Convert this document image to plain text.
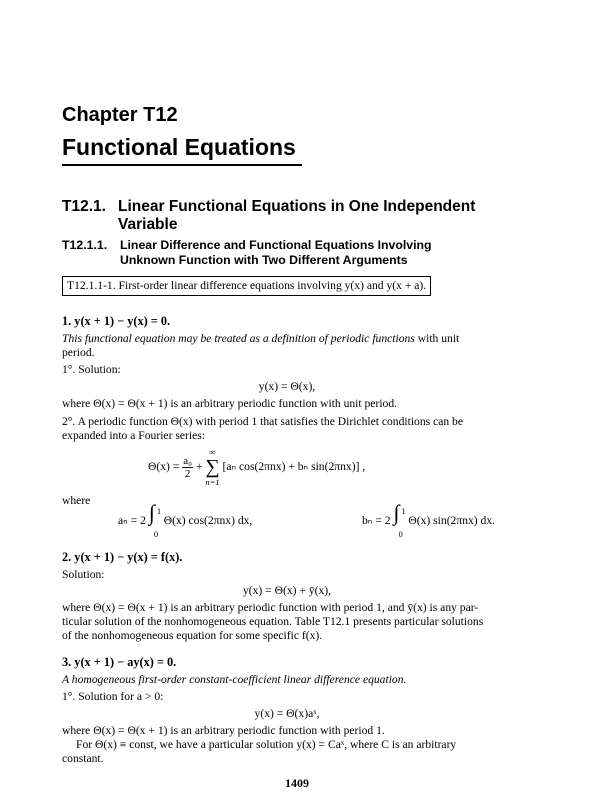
Chapter T12
Functional Equations
T12.1. Linear Functional Equations in One Independent
Variable
T12.1.1. Linear Difference and Functional Equations Involving
Unknown Function with Two Different Arguments
T12.1.1-1. First-order linear difference equations involving y(x) and y(x + a).
1. y(x + 1) − y(x) = 0.
This functional equation may be treated as a definition of periodic functions with unit
period.
1°. Solution:
y(x) = Θ(x),
where Θ(x) = Θ(x + 1) is an arbitrary periodic function with unit period.
2°. A periodic function Θ(x) with period 1 that satisfies the Dirichlet conditions can be
expanded into a Fourier series:
$\Theta(x) = \frac{\text{a₀}}{2}$ +
∞
∑
n=1
[aₙ cos(2πnx) + bₙ sin(2πnx)] ,
where
aₙ = 2 ∫ 1
0
Θ(x) cos(2πnx) dx,	bₙ = 2 ∫ 1
0
Θ(x) sin(2πnx) dx.
2. y(x + 1) − y(x) = f(x).
Solution:
y(x) = Θ(x) + ȳ(x),
where Θ(x) = Θ(x + 1) is an arbitrary periodic function with period 1, and ȳ(x) is any par-
ticular solution of the nonhomogeneous equation. Table T12.1 presents particular solutions
of the nonhomogeneous equation for some specific f(x).
3. y(x + 1) − ay(x) = 0.
A homogeneous first-order constant-coefficient linear difference equation.
1°. Solution for a > 0:
y(x) = Θ(x)aˣ,
where Θ(x) = Θ(x + 1) is an arbitrary periodic function with period 1.
For Θ(x) ≡ const, we have a particular solution y(x) = Caˣ, where C is an arbitrary
constant.
1409
